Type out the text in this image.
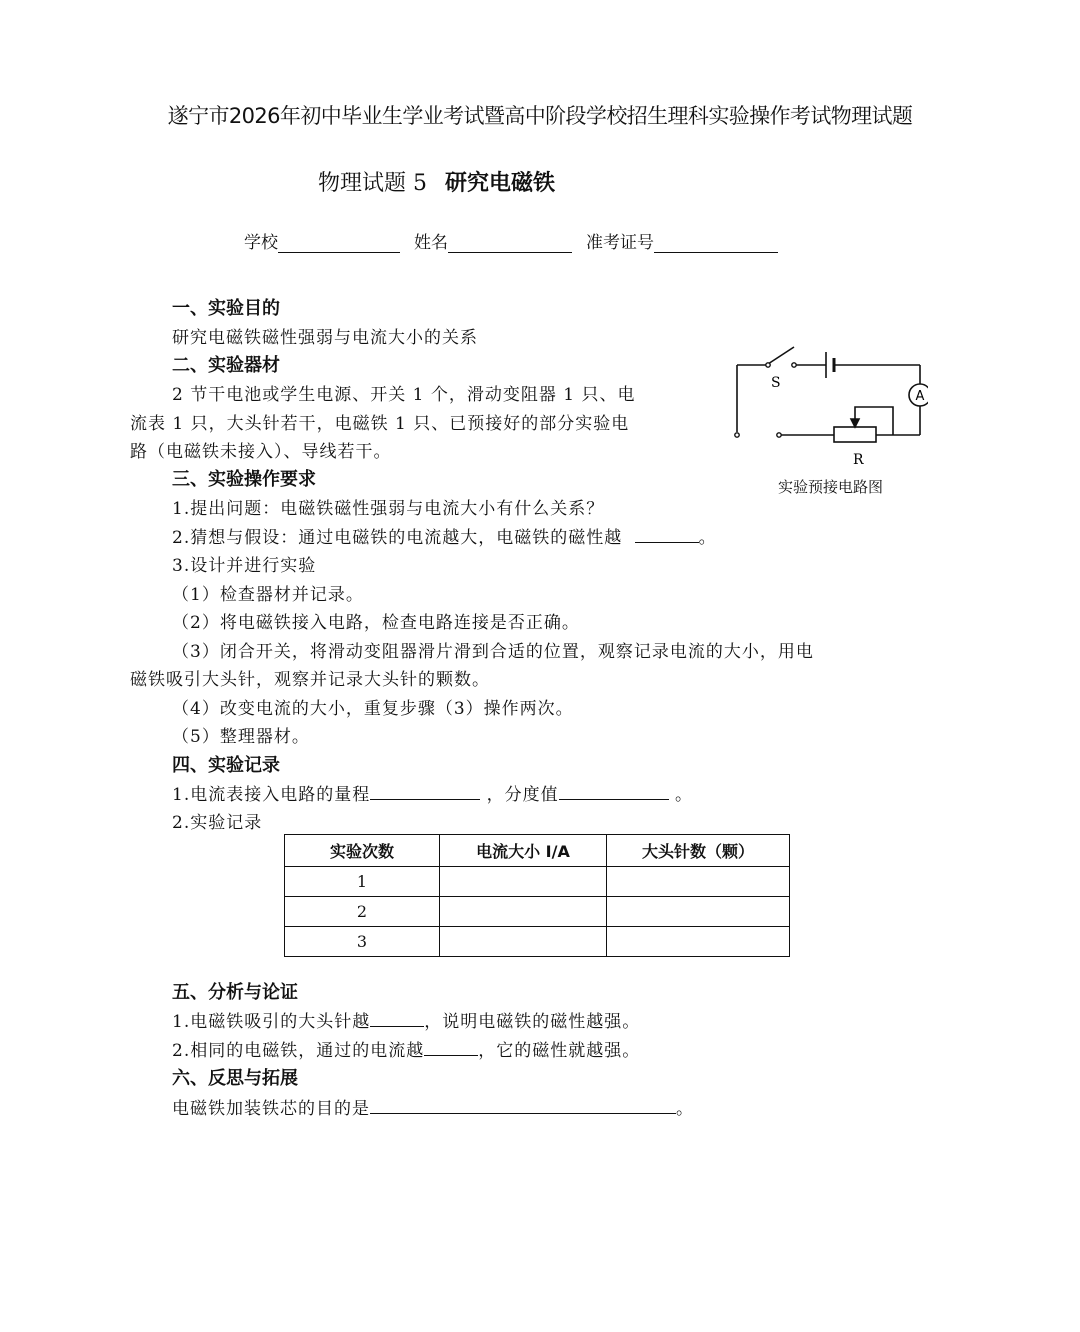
遂宁市2026年初中毕业生学业考试暨高中阶段学校招生理科实验操作考试物理试题
物理试题 5 研究电磁铁
学校	姓名	准考证号
一、实验目的
研究电磁铁磁性强弱与电流大小的关系
二、实验器材
2 节干电池或学生电源、开关 1 个，滑动变阻器 1 只、电
流表 1 只，大头针若干，电磁铁 1 只、已预接好的部分实验电
路（电磁铁未接入）、导线若干。
S
A
R
实验预接电路图
三、实验操作要求
1.提出问题：电磁铁磁性强弱与电流大小有什么关系？
2.猜想与假设：通过电磁铁的电流越大，电磁铁的磁性越	。
3.设计并进行实验
（1）检查器材并记录。
（2）将电磁铁接入电路，检查电路连接是否正确。
（3）闭合开关，将滑动变阻器滑片滑到合适的位置，观察记录电流的大小，用电
磁铁吸引大头针，观察并记录大头针的颗数。
（4）改变电流的大小，重复步骤（3）操作两次。
（5）整理器材。
四、实验记录
1.电流表接入电路的量程	，分度值	。
2.实验记录
实验次数	电流大小 I/A	大头针数（颗）
1		
2		
3		
五、分析与论证
1.电磁铁吸引的大头针越	，说明电磁铁的磁性越强。
2.相同的电磁铁，通过的电流越	，它的磁性就越强。
六、反思与拓展
电磁铁加装铁芯的目的是	。
